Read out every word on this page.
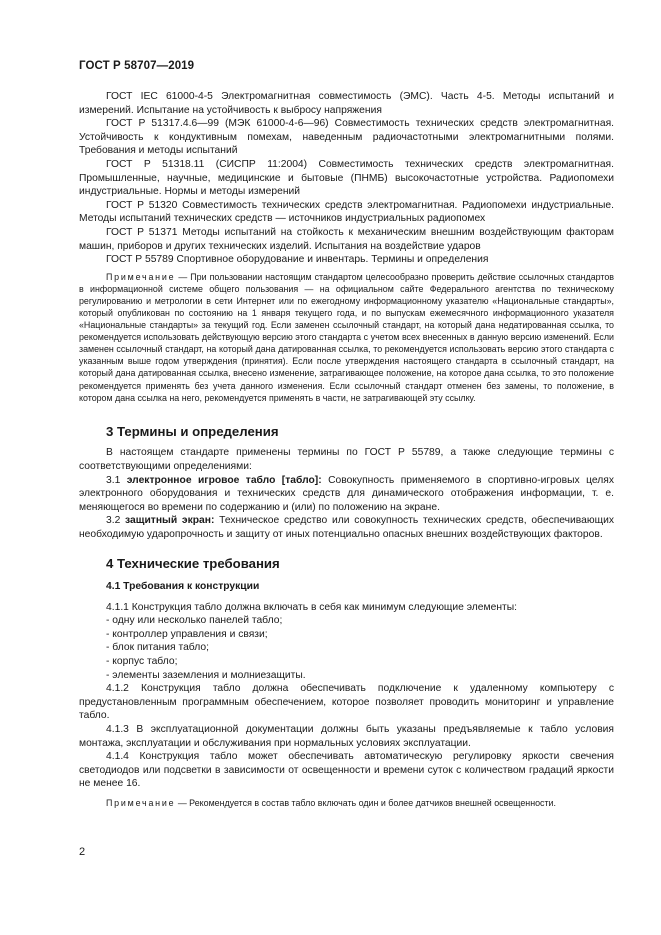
ГОСТ Р 58707—2019

ГОСТ IEC 61000-4-5 Электромагнитная совместимость (ЭМС). Часть 4-5. Методы испытаний и измерений. Испытание на устойчивость к выбросу напряжения

ГОСТ Р 51317.4.6—99 (МЭК 61000-4-6—96) Совместимость технических средств электромагнитная. Устойчивость к кондуктивным помехам, наведенным радиочастотными электромагнитными полями. Требования и методы испытаний

ГОСТ Р 51318.11 (СИСПР 11:2004) Совместимость технических средств электромагнитная. Промышленные, научные, медицинские и бытовые (ПНМБ) высокочастотные устройства. Радиопомехи индустриальные. Нормы и методы измерений

ГОСТ Р 51320 Совместимость технических средств электромагнитная. Радиопомехи индустриальные. Методы испытаний технических средств — источников индустриальных радиопомех

ГОСТ Р 51371 Методы испытаний на стойкость к механическим внешним воздействующим факторам машин, приборов и других технических изделий. Испытания на воздействие ударов

ГОСТ Р 55789 Спортивное оборудование и инвентарь. Термины и определения

Примечание — При пользовании настоящим стандартом целесообразно проверить действие ссылочных стандартов в информационной системе общего пользования — на официальном сайте Федерального агентства по техническому регулированию и метрологии в сети Интернет или по ежегодному информационному указателю «Национальные стандарты», который опубликован по состоянию на 1 января текущего года, и по выпускам ежемесячного информационного указателя «Национальные стандарты» за текущий год. Если заменен ссылочный стандарт, на который дана недатированная ссылка, то рекомендуется использовать действующую версию этого стандарта с учетом всех внесенных в данную версию изменений. Если заменен ссылочный стандарт, на который дана датированная ссылка, то рекомендуется использовать версию этого стандарта с указанным выше годом утверждения (принятия). Если после утверждения настоящего стандарта в ссылочный стандарт, на который дана датированная ссылка, внесено изменение, затрагивающее положение, на которое дана ссылка, то это положение рекомендуется применять без учета данного изменения. Если ссылочный стандарт отменен без замены, то положение, в котором дана ссылка на него, рекомендуется применять в части, не затрагивающей эту ссылку.

3 Термины и определения

В настоящем стандарте применены термины по ГОСТ Р 55789, а также следующие термины с соответствующими определениями:

3.1 электронное игровое табло [табло]: Совокупность применяемого в спортивно-игровых целях электронного оборудования и технических средств для динамического отображения информации, т. е. меняющегося во времени по содержанию и (или) по положению на экране.

3.2 защитный экран: Техническое средство или совокупность технических средств, обеспечивающих необходимую ударопрочность и защиту от иных потенциально опасных внешних воздействующих факторов.

4 Технические требования

4.1 Требования к конструкции

4.1.1 Конструкция табло должна включать в себя как минимум следующие элементы:

- одну или несколько панелей табло;
- контроллер управления и связи;
- блок питания табло;
- корпус табло;
- элементы заземления и молниезащиты.

4.1.2 Конструкция табло должна обеспечивать подключение к удаленному компьютеру с предустановленным программным обеспечением, которое позволяет проводить мониторинг и управление табло.

4.1.3 В эксплуатационной документации должны быть указаны предъявляемые к табло условия монтажа, эксплуатации и обслуживания при нормальных условиях эксплуатации.

4.1.4 Конструкция табло может обеспечивать автоматическую регулировку яркости свечения светодиодов или подсветки в зависимости от освещенности и времени суток с количеством градаций яркости не менее 16.

Примечание — Рекомендуется в состав табло включать один и более датчиков внешней освещенности.

2
